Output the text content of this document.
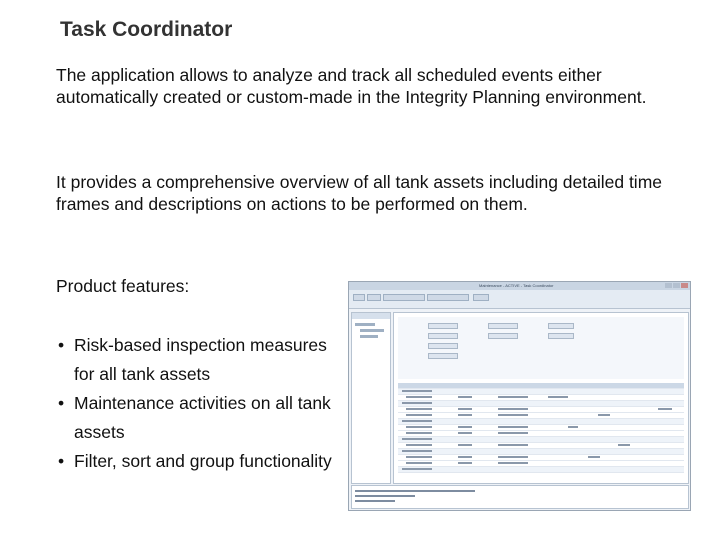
Task Coordinator
The application allows to analyze and track all scheduled events either automatically created or custom-made in the Integrity Planning environment.
It provides a comprehensive overview of all tank assets including detailed time frames and descriptions on actions to be performed on them.
Product features:
• Risk-based inspection measures for all tank assets
• Maintenance activities on all tank assets
• Filter, sort and group functionality
Maintenance - ACTIVE - Task Coordinator
